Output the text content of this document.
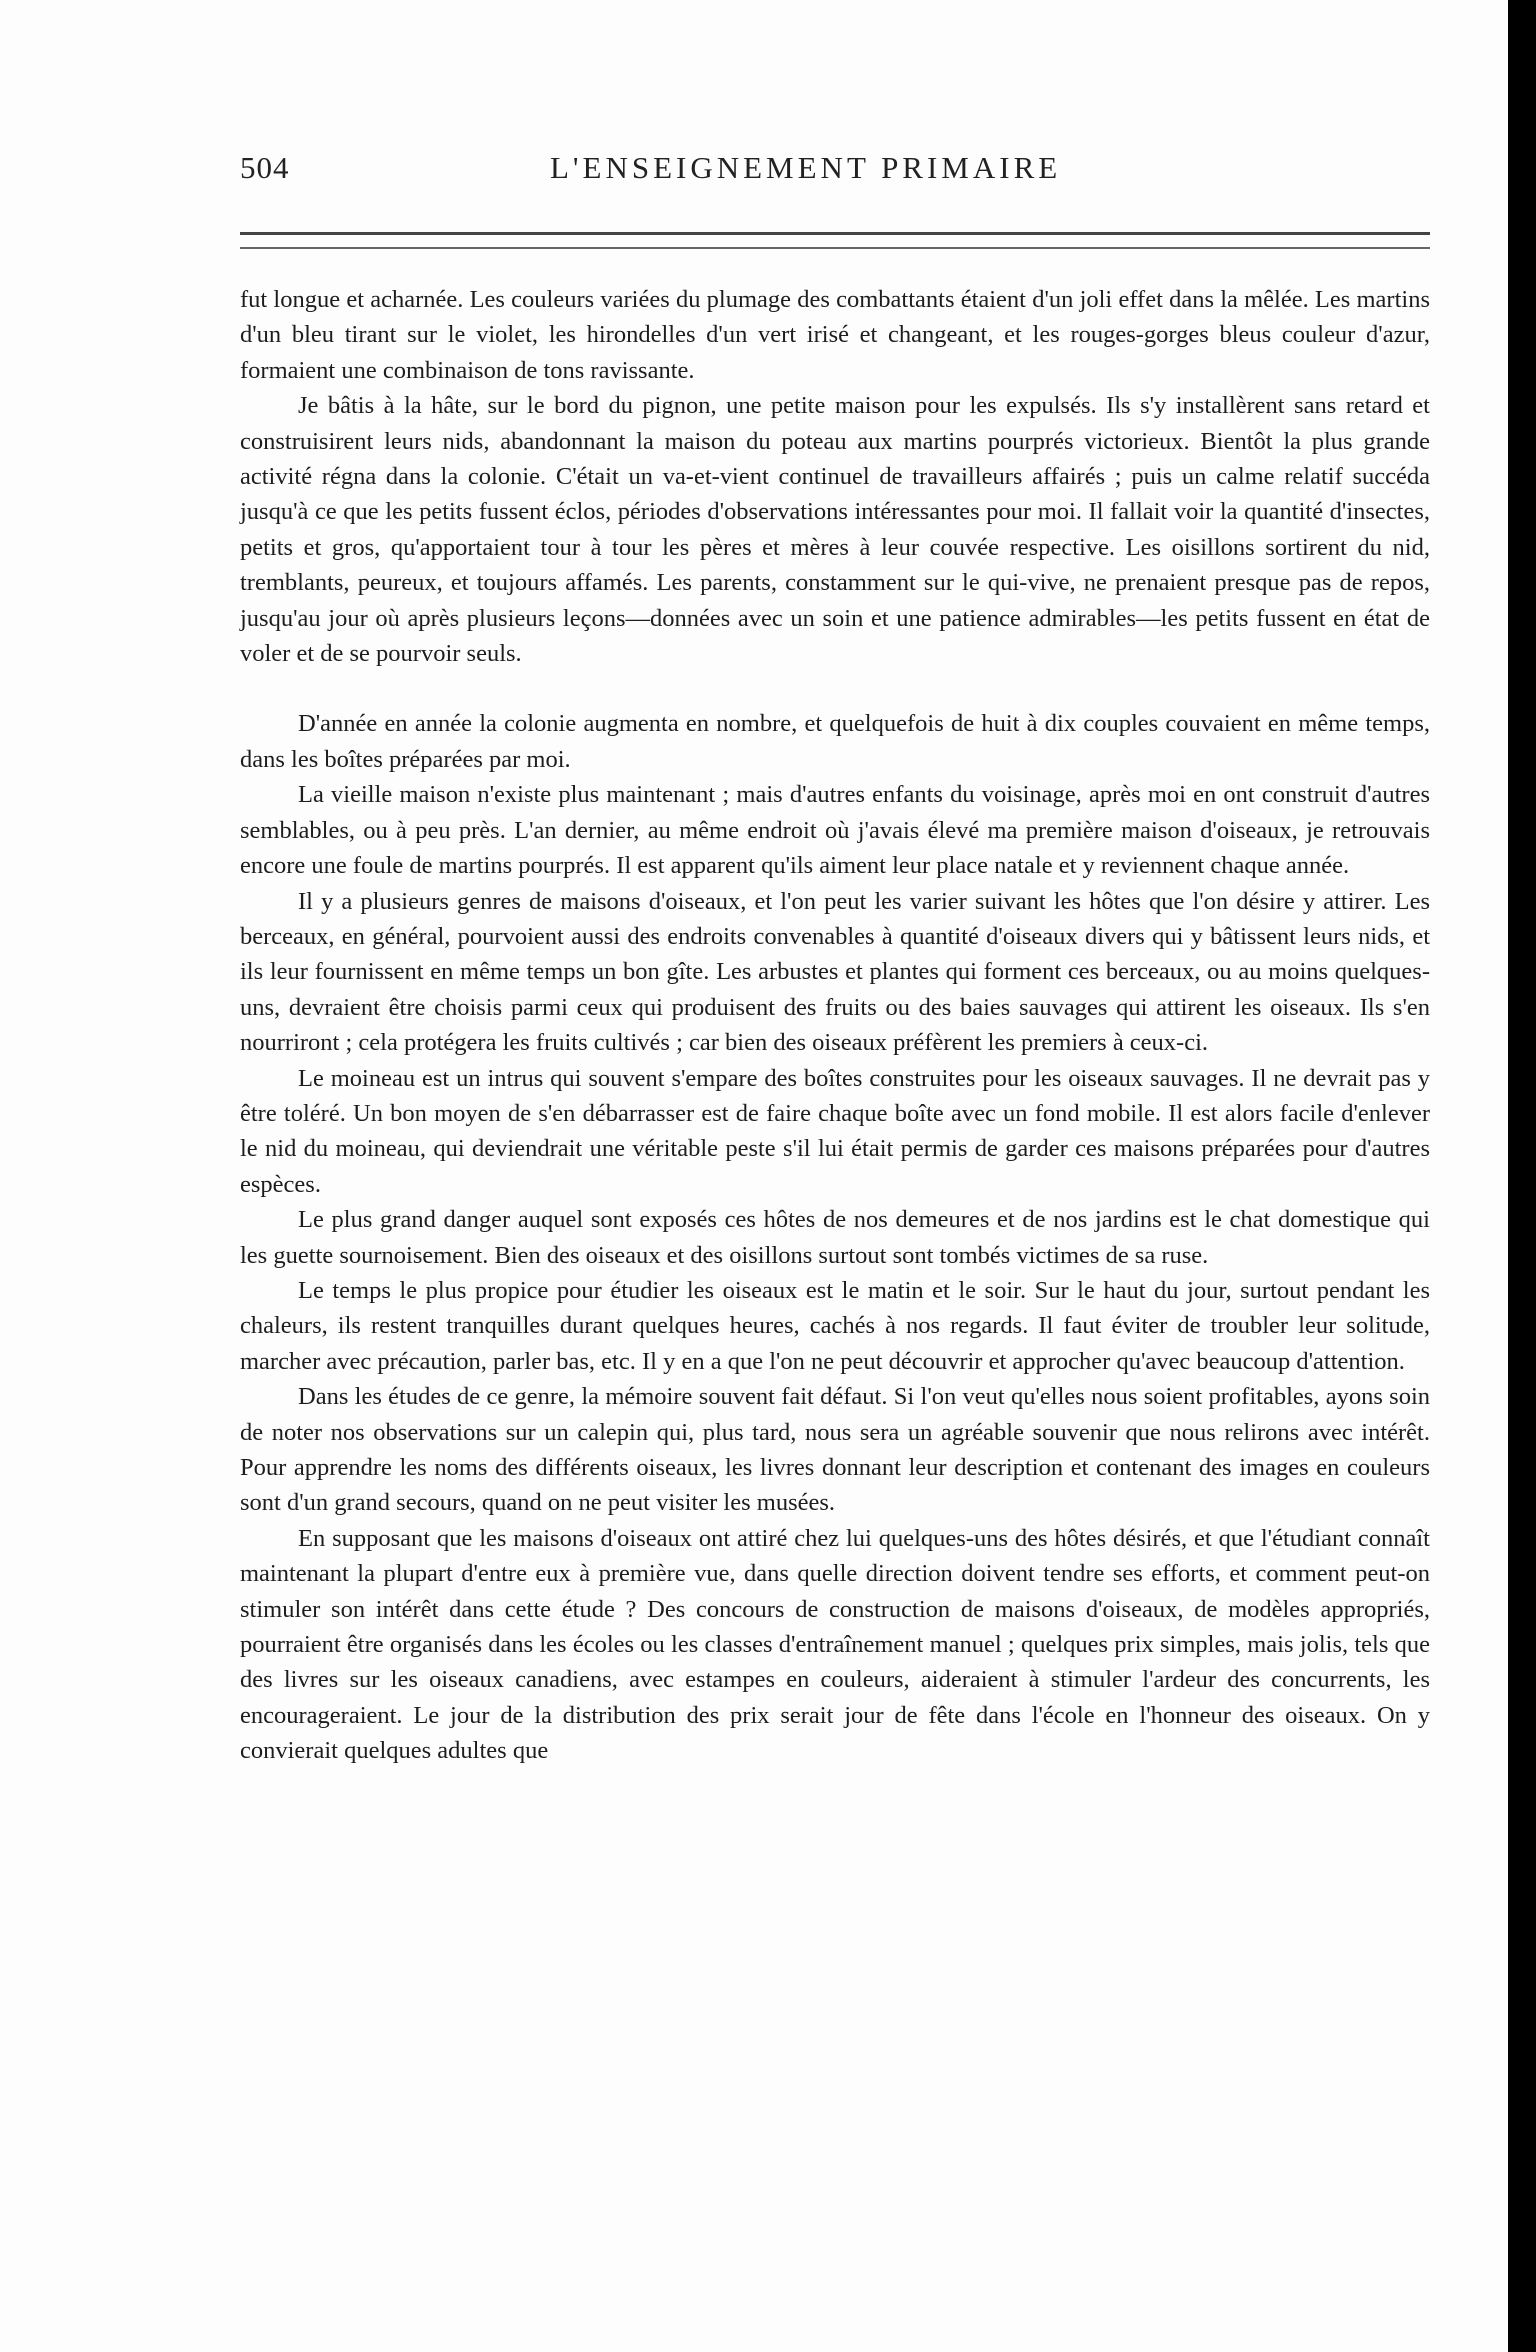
504	L'ENSEIGNEMENT PRIMAIRE

fut longue et acharnée. Les couleurs variées du plumage des combattants étaient d'un joli effet dans la mêlée. Les martins d'un bleu tirant sur le violet, les hirondelles d'un vert irisé et changeant, et les rouges-gorges bleus couleur d'azur, formaient une combinaison de tons ravissante.

Je bâtis à la hâte, sur le bord du pignon, une petite maison pour les expulsés. Ils s'y installèrent sans retard et construisirent leurs nids, abandonnant la maison du poteau aux martins pourprés victorieux. Bientôt la plus grande activité régna dans la colonie. C'était un va-et-vient continuel de travailleurs affairés ; puis un calme relatif succéda jusqu'à ce que les petits fussent éclos, périodes d'observations intéressantes pour moi. Il fallait voir la quantité d'insectes, petits et gros, qu'apportaient tour à tour les pères et mères à leur couvée respective. Les oisillons sortirent du nid, tremblants, peureux, et toujours affamés. Les parents, constamment sur le qui-vive, ne prenaient presque pas de repos, jusqu'au jour où après plusieurs leçons—données avec un soin et une patience admirables—les petits fussent en état de voler et de se pourvoir seuls.

D'année en année la colonie augmenta en nombre, et quelquefois de huit à dix couples couvaient en même temps, dans les boîtes préparées par moi.

La vieille maison n'existe plus maintenant ; mais d'autres enfants du voisinage, après moi en ont construit d'autres semblables, ou à peu près. L'an dernier, au même endroit où j'avais élevé ma première maison d'oiseaux, je retrouvais encore une foule de martins pourprés. Il est apparent qu'ils aiment leur place natale et y reviennent chaque année.

Il y a plusieurs genres de maisons d'oiseaux, et l'on peut les varier suivant les hôtes que l'on désire y attirer. Les berceaux, en général, pourvoient aussi des endroits convenables à quantité d'oiseaux divers qui y bâtissent leurs nids, et ils leur fournissent en même temps un bon gîte. Les arbustes et plantes qui forment ces berceaux, ou au moins quelques-uns, devraient être choisis parmi ceux qui produisent des fruits ou des baies sauvages qui attirent les oiseaux. Ils s'en nourriront ; cela protégera les fruits cultivés ; car bien des oiseaux préfèrent les premiers à ceux-ci.

Le moineau est un intrus qui souvent s'empare des boîtes construites pour les oiseaux sauvages. Il ne devrait pas y être toléré. Un bon moyen de s'en débarrasser est de faire chaque boîte avec un fond mobile. Il est alors facile d'enlever le nid du moineau, qui deviendrait une véritable peste s'il lui était permis de garder ces maisons préparées pour d'autres espèces.

Le plus grand danger auquel sont exposés ces hôtes de nos demeures et de nos jardins est le chat domestique qui les guette sournoisement. Bien des oiseaux et des oisillons surtout sont tombés victimes de sa ruse.

Le temps le plus propice pour étudier les oiseaux est le matin et le soir. Sur le haut du jour, surtout pendant les chaleurs, ils restent tranquilles durant quelques heures, cachés à nos regards. Il faut éviter de troubler leur solitude, marcher avec précaution, parler bas, etc. Il y en a que l'on ne peut découvrir et approcher qu'avec beaucoup d'attention.

Dans les études de ce genre, la mémoire souvent fait défaut. Si l'on veut qu'elles nous soient profitables, ayons soin de noter nos observations sur un calepin qui, plus tard, nous sera un agréable souvenir que nous relirons avec intérêt. Pour apprendre les noms des différents oiseaux, les livres donnant leur description et contenant des images en couleurs sont d'un grand secours, quand on ne peut visiter les musées.

En supposant que les maisons d'oiseaux ont attiré chez lui quelques-uns des hôtes désirés, et que l'étudiant connaît maintenant la plupart d'entre eux à première vue, dans quelle direction doivent tendre ses efforts, et comment peut-on stimuler son intérêt dans cette étude ? Des concours de construction de maisons d'oiseaux, de modèles appropriés, pourraient être organisés dans les écoles ou les classes d'entraînement manuel ; quelques prix simples, mais jolis, tels que des livres sur les oiseaux canadiens, avec estampes en couleurs, aideraient à stimuler l'ardeur des concurrents, les encourageraient. Le jour de la distribution des prix serait jour de fête dans l'école en l'honneur des oiseaux. On y convierait quelques adultes que
